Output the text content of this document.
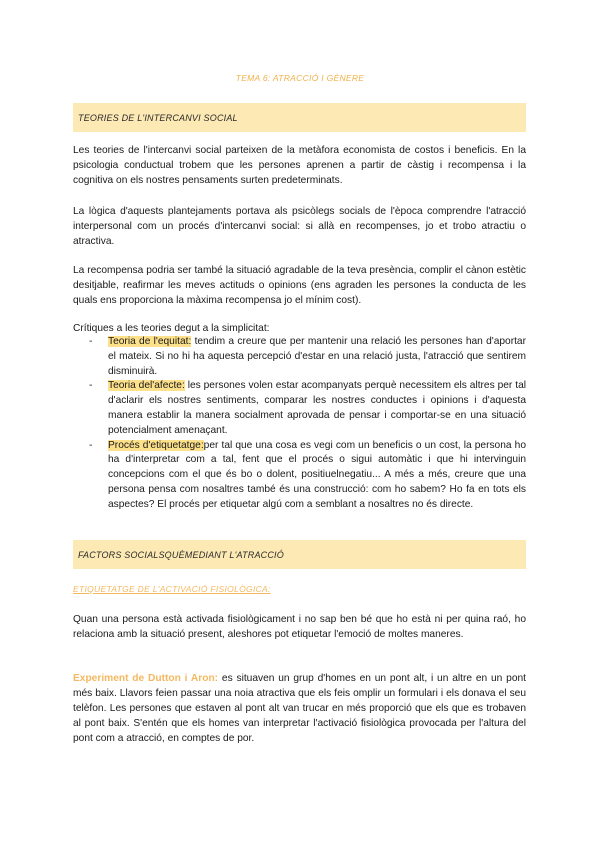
TEMA 6: ATRACCIÓ I GÈNERE
TEORIES DE L'INTERCANVI SOCIAL

Les teories de l'intercanvi social parteixen de la metàfora economista de costos i beneficis. En la psicologia conductual trobem que les persones aprenen a partir de càstig i recompensa i la cognitiva on els nostres pensaments surten predeterminats.

La lògica d'aquests plantejaments portava als psicòlegs socials de l'època comprendre l'atracció interpersonal com un procés d'intercanvi social: si allà en recompenses, jo et trobo atractiu o atractiva.

La recompensa podria ser també la situació agradable de la teva presència, complir el cànon estètic desitjable, reafirmar les meves actituds o opinions (ens agraden les persones la conducta de les quals ens proporciona la màxima recompensa jo el mínim cost).

Crítiques a les teories degut a la simplicitat:

- Teoria de l'equitat: tendim a creure que per mantenir una relació les persones han d'aportar el mateix. Si no hi ha aquesta percepció d'estar en una relació justa, l'atracció que sentirem disminuirà.
- Teoria del'afecte: les persones volen estar acompanyats perquè necessitem els altres per tal d'aclarir els nostres sentiments, comparar les nostres conductes i opinions i d'aquesta manera establir la manera socialment aprovada de pensar i comportar-se en una situació potencialment amenaçant.
- Procés d'etiquetatge:per tal que una cosa es vegi com un beneficis o un cost, la persona ho ha d'interpretar com a tal, fent que el procés o sigui automàtic i que hi intervinguin concepcions com el que és bo o dolent, positiuelnegatiu... A més a més, creure que una persona pensa com nosaltres també és una construcció: com ho sabem? Ho fa en tots els aspectes? El procés per etiquetar algú com a semblant a nosaltres no és directe.
FACTORS SOCIALSQUÈMEDIANT L'ATRACCIÓ
ETIQUETATGE DE L'ACTIVACIÓ FISIOLÒGICA:

Quan una persona està activada fisiològicament i no sap ben bé que ho està ni per quina raó, ho relaciona amb la situació present, aleshores pot etiquetar l'emoció de moltes maneres.

Experiment de Dutton i Aron: es situaven un grup d'homes en un pont alt, i un altre en un pont més baix. Llavors feien passar una noia atractiva que els feis omplir un formulari i els donava el seu telèfon. Les persones que estaven al pont alt van trucar en més proporció que els que es trobaven al pont baix. S'entén que els homes van interpretar l'activació fisiològica provocada per l'altura del pont com a atracció, en comptes de por.
